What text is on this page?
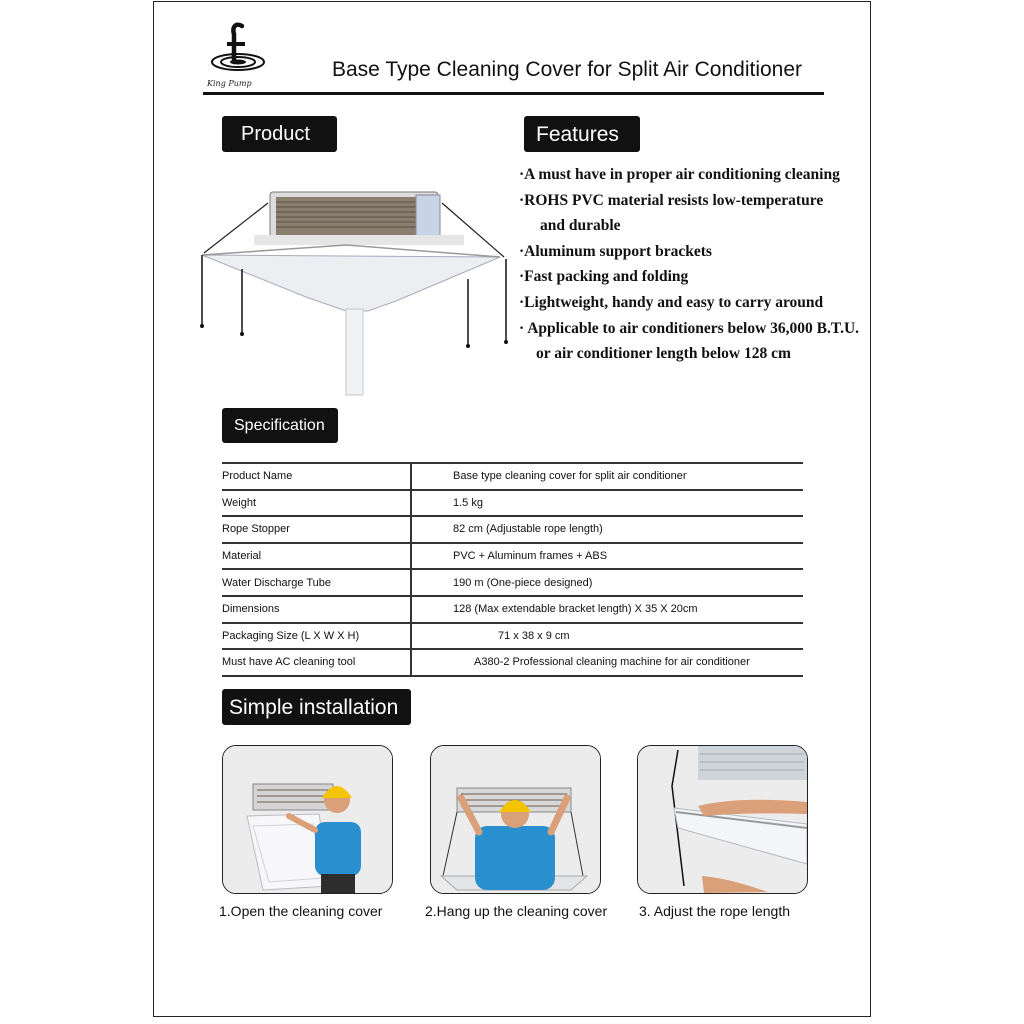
King Pump
Base Type Cleaning Cover for Split Air Conditioner
Product	Features
·A must have in proper air conditioning cleaning
·ROHS PVC material resists low-temperature
and durable
·Aluminum support brackets
·Fast packing and folding
·Lightweight, handy and easy to carry around
· Applicable to air conditioners below 36,000 B.T.U.
or air conditioner length below 128 cm
Specification
Product Name	Base type cleaning cover for split air conditioner
Weight	1.5 kg
Rope Stopper	82 cm (Adjustable rope length)
Material	PVC + Aluminum frames + ABS
Water Discharge Tube	190 m (One-piece designed)
Dimensions	128 (Max extendable bracket length) X 35 X 20cm
Packaging Size (L X W X H)	71 x 38 x 9 cm
Must have AC cleaning tool	A380-2 Professional cleaning machine for air conditioner
Simple installation
1.Open the cleaning cover	2.Hang up the cleaning cover 3. Adjust the rope length
